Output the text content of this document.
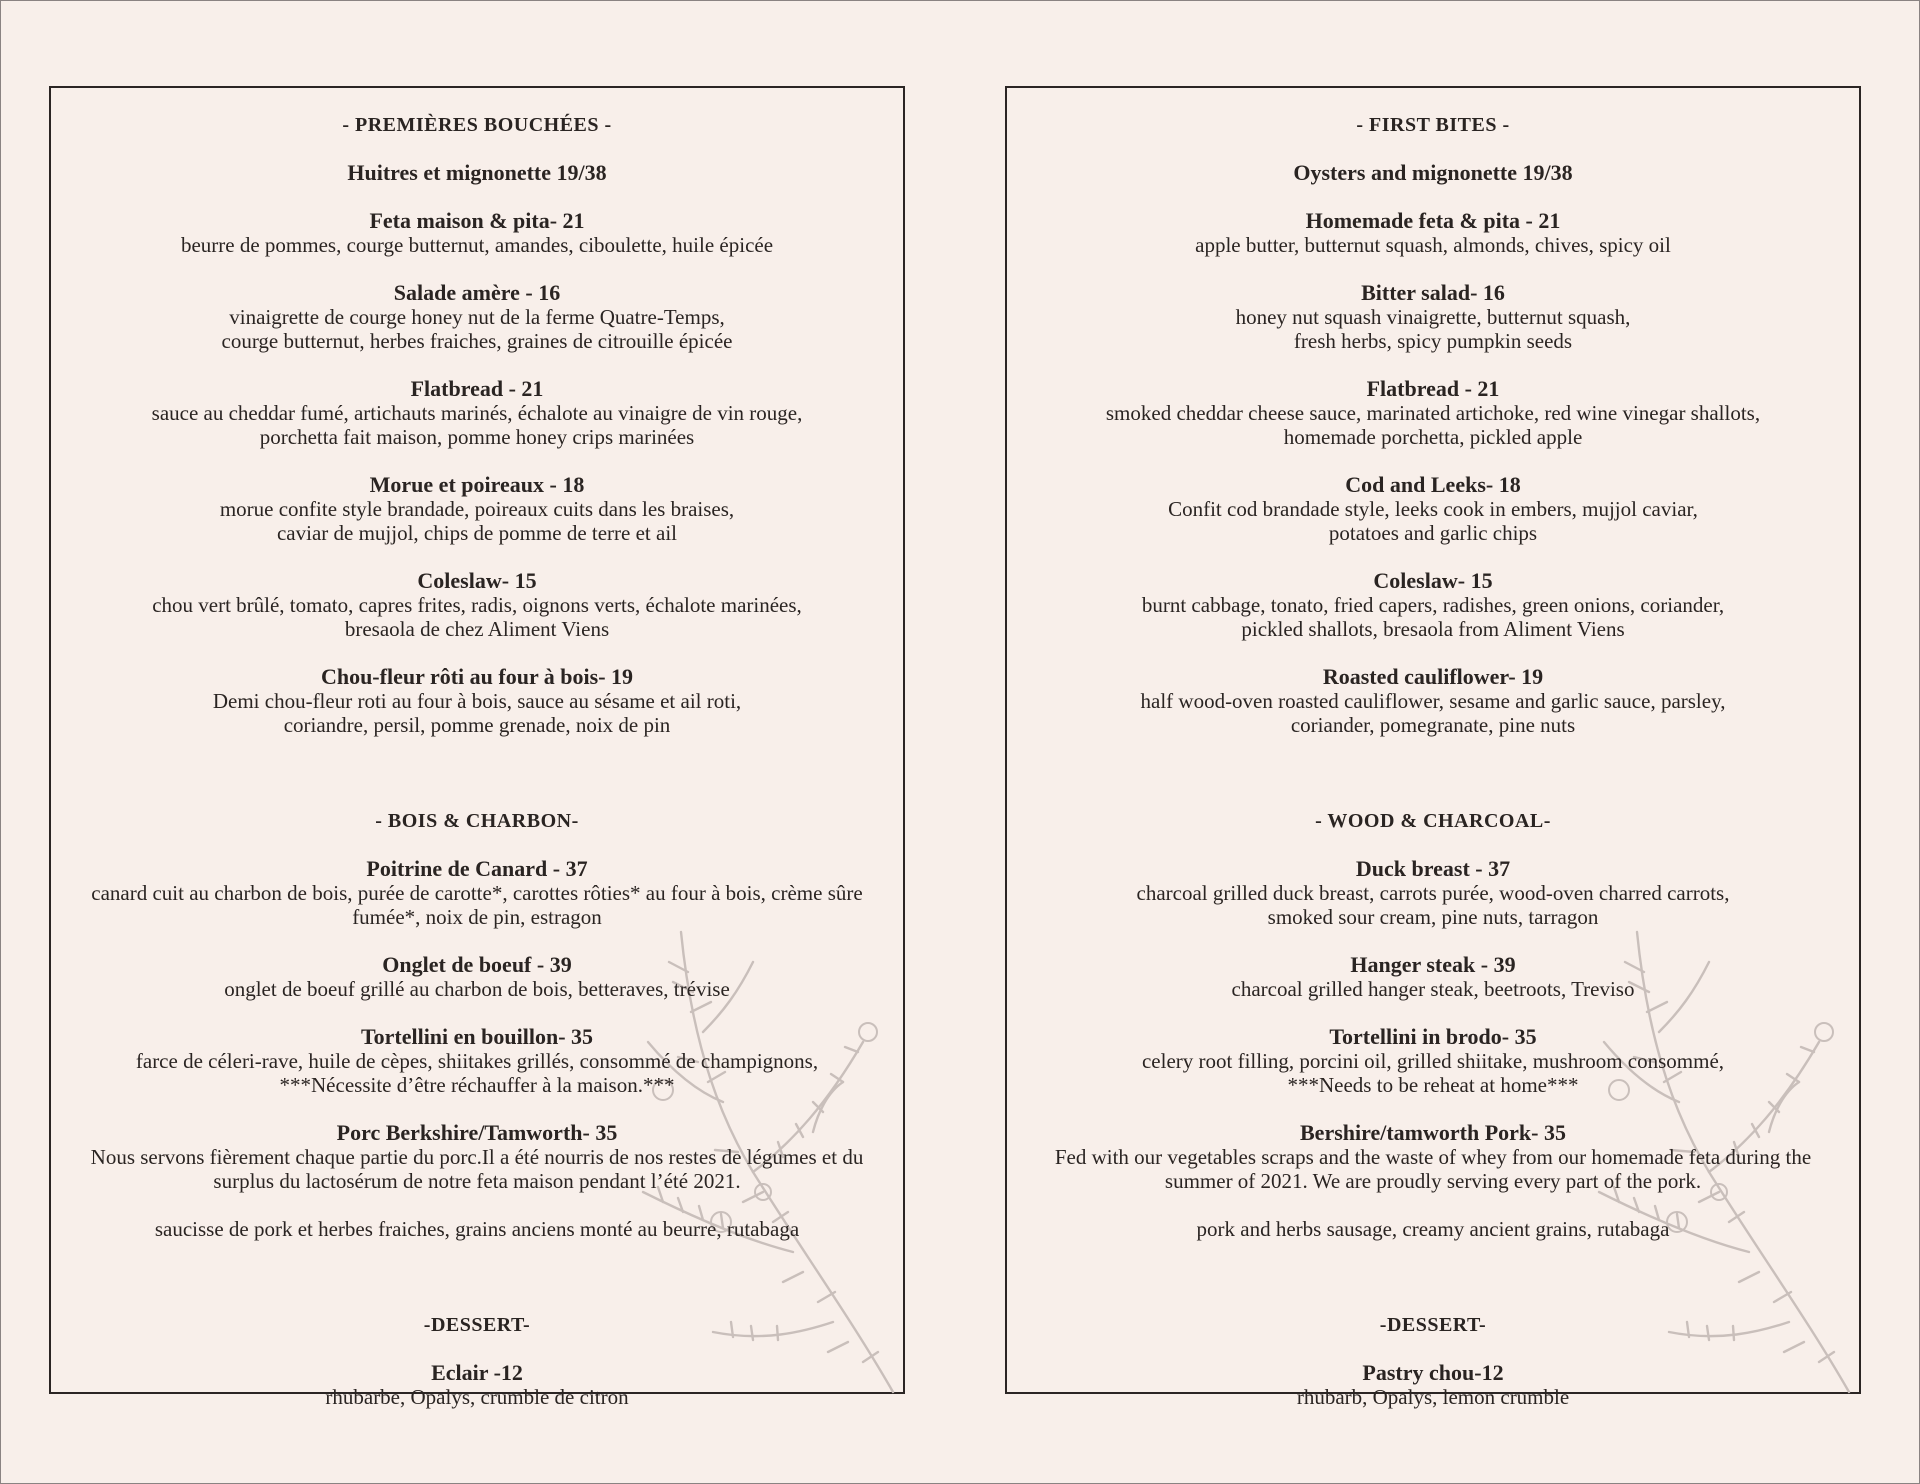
- PREMIÈRES BOUCHÉES -
Huitres et mignonette 19/38
Feta maison & pita- 21
beurre de pommes, courge butternut, amandes, ciboulette, huile épicée
Salade amère - 16
vinaigrette de courge honey nut de la ferme Quatre-Temps,
courge butternut, herbes fraiches, graines de citrouille épicée
Flatbread - 21
sauce au cheddar fumé, artichauts marinés, échalote au vinaigre de vin rouge,
porchetta fait maison, pomme honey crips marinées
Morue et poireaux - 18
morue confite style brandade, poireaux cuits dans les braises,
caviar de mujjol, chips de pomme de terre et ail
Coleslaw- 15
chou vert brûlé, tomato, capres frites, radis, oignons verts, échalote marinées,
bresaola de chez Aliment Viens
Chou-fleur rôti au four à bois- 19
Demi chou-fleur roti au four à bois, sauce au sésame et ail roti,
coriandre, persil, pomme grenade, noix de pin
- BOIS & CHARBON-
Poitrine de Canard - 37
canard cuit au charbon de bois, purée de carotte*, carottes rôties* au four à bois, crème sûre
fumée*, noix de pin, estragon
Onglet de boeuf - 39
onglet de boeuf grillé au charbon de bois, betteraves, trévise
Tortellini en bouillon- 35
farce de céleri-rave, huile de cèpes, shiitakes grillés, consommé de champignons,
***Nécessite d’être réchauffer à la maison.***
Porc Berkshire/Tamworth- 35
Nous servons fièrement chaque partie du porc.Il a été nourris de nos restes de légumes et du
surplus du lactosérum de notre feta maison pendant l’été 2021.

saucisse de pork et herbes fraiches, grains anciens monté au beurre, rutabaga
-DESSERT-
Eclair -12
rhubarbe, Opalys, crumble de citron
- FIRST BITES -
Oysters and mignonette 19/38
Homemade feta & pita - 21
apple butter, butternut squash, almonds, chives, spicy oil
Bitter salad- 16
honey nut squash vinaigrette, butternut squash,
fresh herbs, spicy pumpkin seeds
Flatbread - 21
smoked cheddar cheese sauce, marinated artichoke, red wine vinegar shallots,
homemade porchetta, pickled apple
Cod and Leeks- 18
Confit cod brandade style, leeks cook in embers, mujjol caviar,
potatoes and garlic chips
Coleslaw- 15
burnt cabbage, tonato, fried capers, radishes, green onions, coriander,
pickled shallots, bresaola from Aliment Viens
Roasted cauliflower- 19
half wood-oven roasted cauliflower, sesame and garlic sauce, parsley,
coriander, pomegranate, pine nuts
- WOOD & CHARCOAL-
Duck breast - 37
charcoal grilled duck breast, carrots purée, wood-oven charred carrots,
smoked sour cream, pine nuts, tarragon
Hanger steak - 39
charcoal grilled hanger steak, beetroots, Treviso
Tortellini in brodo- 35
celery root filling, porcini oil, grilled shiitake, mushroom consommé,
***Needs to be reheat at home***
Bershire/tamworth Pork- 35
Fed with our vegetables scraps and the waste of whey from our homemade feta during the
summer of 2021. We are proudly serving every part of the pork.

pork and herbs sausage, creamy ancient grains, rutabaga
-DESSERT-
Pastry chou-12
rhubarb, Opalys, lemon crumble
